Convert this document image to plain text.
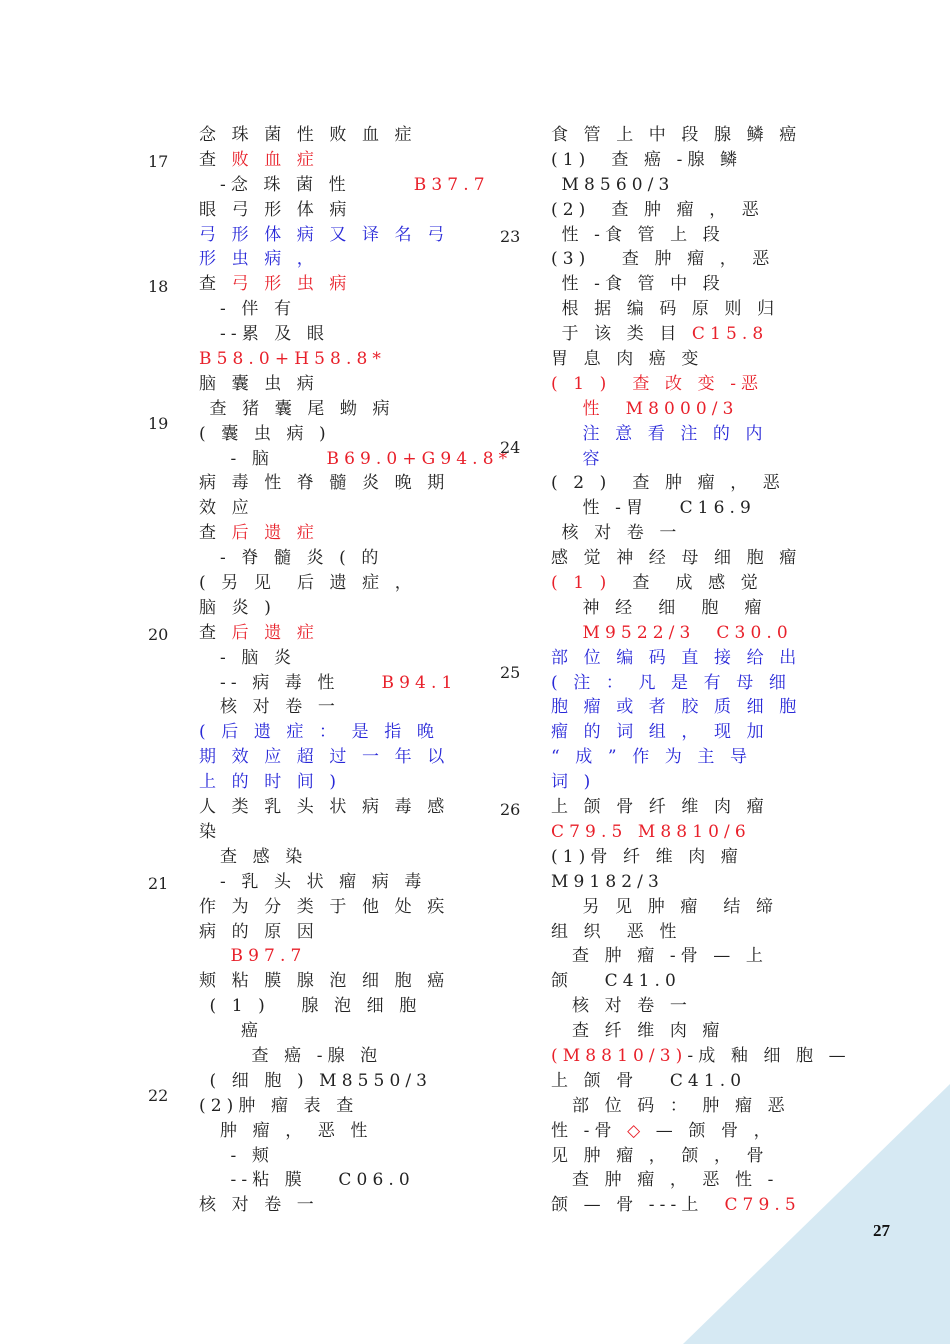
念 珠 菌 性 败 血 症
查 败 血 症
-念 珠 菌 性      B37.7
眼 弓 形 体 病
弓 形 体 病 又 译 名 弓
形 虫 病 ，
查 弓 形 虫 病
- 伴 有
--累 及 眼
B58.0+H58.8*
脑 囊 虫 病
查 猪 囊 尾 蚴 病
( 囊 虫 病 )
- 脑     B69.0+G94.8*
病 毒 性 脊 髓 炎 晚 期
效 应
查 后 遗 症
- 脊 髓 炎 ( 的
( 另 见  后 遗 症 ，
脑 炎 )
查 后 遗 症
- 脑 炎
-- 病 毒 性    B94.1
核 对 卷 一
( 后 遗 症 ： 是 指 晚
期 效 应 超 过 一 年 以
上 的 时 间 )
人 类 乳 头 状 病 毒 感
染
查 感 染
- 乳 头 状 瘤 病 毒
作 为 分 类 于 他 处 疾
病 的 原 因
B97.7
颊 粘 膜 腺 泡 细 胞 癌
( 1 )   腺 泡 细 胞
癌
查 癌 -腺 泡
( 细 胞 ) M8550/3
(2)肿 瘤 表 查
肿 瘤 ， 恶 性
- 颊
--粘 膜   C06.0
核 对 卷 一
食 管 上 中 段 腺 鳞 癌
(1)  查 癌 -腺 鳞
M8560/3
(2)  查 肿 瘤 ， 恶
性 -食 管 上 段
(3)   查 肿 瘤 ， 恶
性 -食 管 中 段
根 据 编 码 原 则 归
于 该 类 目 C15.8
胃 息 肉 癌 变
( 1 )  查 改 变 -恶
性  M8000/3
注 意 看 注 的 内
容
( 2 )  查 肿 瘤 ， 恶
性 -胃   C16.9
核 对 卷 一
感 觉 神 经 母 细 胞 瘤
( 1 )  查  成 感 觉
神 经  细  胞  瘤
M9522/3  C30.0
部 位 编 码 直 接 给 出
( 注 ： 凡 是 有 母 细
胞 瘤 或 者 胶 质 细 胞
瘤 的 词 组 ， 现 加
“ 成 ” 作 为 主 导
词 )
上 颌 骨 纤 维 肉 瘤
C79.5 M8810/6
(1)骨 纤 维 肉 瘤
M9182/3
另 见 肿 瘤  结 缔
组 织  恶 性
查 肿 瘤 -骨 — 上
颌   C41.0
核 对 卷 一
查 纤 维 肉 瘤
(M8810/3)-成 釉 细 胞 —
上 颌 骨   C41.0
部 位 码 ： 肿 瘤 恶
性 -骨 ◇ — 颌 骨 ，
见 肿 瘤 ， 颌 ， 骨
查 肿 瘤 ， 恶 性 -
颌 — 骨 ---上  C79.5
17
18
19
20
21
22
23
24
25
26
27
